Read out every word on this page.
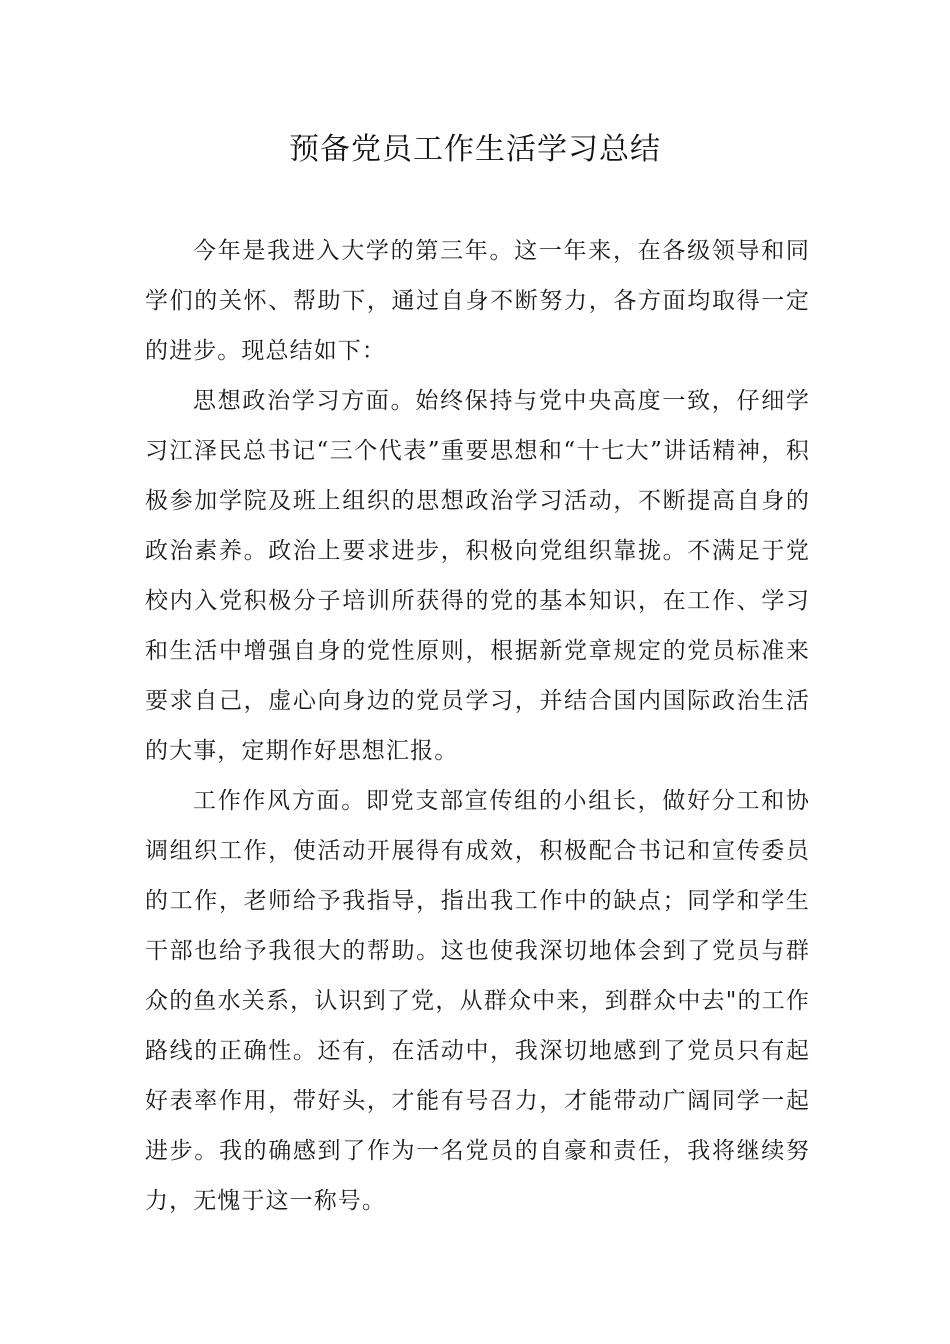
预备党员工作生活学习总结

今年是我进入大学的第三年。这一年来，在各级领导和同学们的关怀、帮助下，通过自身不断努力，各方面均取得一定的进步。现总结如下：

思想政治学习方面。始终保持与党中央高度一致，仔细学习江泽民总书记“三个代表”重要思想和“十七大”讲话精神，积极参加学院及班上组织的思想政治学习活动，不断提高自身的政治素养。政治上要求进步，积极向党组织靠拢。不满足于党校内入党积极分子培训所获得的党的基本知识，在工作、学习和生活中增强自身的党性原则，根据新党章规定的党员标准来要求自己，虚心向身边的党员学习，并结合国内国际政治生活的大事，定期作好思想汇报。

工作作风方面。即党支部宣传组的小组长，做好分工和协调组织工作，使活动开展得有成效，积极配合书记和宣传委员的工作，老师给予我指导，指出我工作中的缺点；同学和学生干部也给予我很大的帮助。这也使我深切地体会到了党员与群众的鱼水关系，认识到了党，从群众中来，到群众中去"的工作路线的正确性。还有，在活动中，我深切地感到了党员只有起好表率作用，带好头，才能有号召力，才能带动广阔同学一起进步。我的确感到了作为一名党员的自豪和责任，我将继续努力，无愧于这一称号。
